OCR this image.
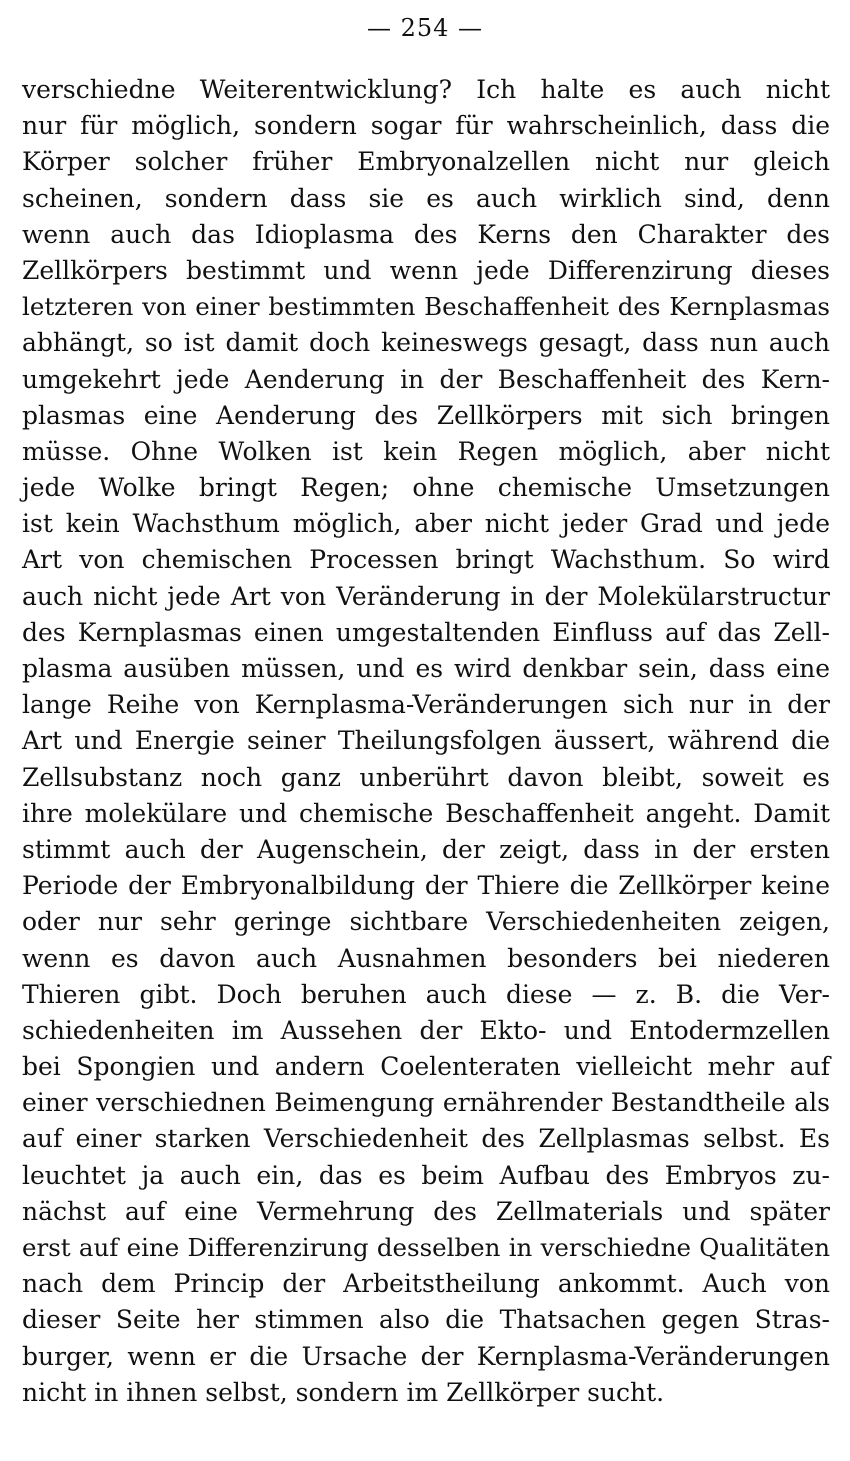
— 254 —
verschiedne Weiterentwicklung? Ich halte es auch nicht
nur für möglich, sondern sogar für wahrscheinlich, dass die
Körper solcher früher Embryonalzellen nicht nur gleich
scheinen, sondern dass sie es auch wirklich sind, denn
wenn auch das Idioplasma des Kerns den Charakter des
Zellkörpers bestimmt und wenn jede Differenzirung dieses
letzteren von einer bestimmten Beschaffenheit des Kernplasmas
abhängt, so ist damit doch keineswegs gesagt, dass nun auch
umgekehrt jede Aenderung in der Beschaffenheit des Kern-
plasmas eine Aenderung des Zellkörpers mit sich bringen
müsse. Ohne Wolken ist kein Regen möglich, aber nicht
jede Wolke bringt Regen; ohne chemische Umsetzungen
ist kein Wachsthum möglich, aber nicht jeder Grad und jede
Art von chemischen Processen bringt Wachsthum. So wird
auch nicht jede Art von Veränderung in der Molekülarstructur
des Kernplasmas einen umgestaltenden Einfluss auf das Zell-
plasma ausüben müssen, und es wird denkbar sein, dass eine
lange Reihe von Kernplasma-Veränderungen sich nur in der
Art und Energie seiner Theilungsfolgen äussert, während die
Zellsubstanz noch ganz unberührt davon bleibt, soweit es
ihre molekülare und chemische Beschaffenheit angeht. Damit
stimmt auch der Augenschein, der zeigt, dass in der ersten
Periode der Embryonalbildung der Thiere die Zellkörper keine
oder nur sehr geringe sichtbare Verschiedenheiten zeigen,
wenn es davon auch Ausnahmen besonders bei niederen
Thieren gibt. Doch beruhen auch diese — z. B. die Ver-
schiedenheiten im Aussehen der Ekto- und Entodermzellen
bei Spongien und andern Coelenteraten vielleicht mehr auf
einer verschiednen Beimengung ernährender Bestandtheile als
auf einer starken Verschiedenheit des Zellplasmas selbst. Es
leuchtet ja auch ein, das es beim Aufbau des Embryos zu-
nächst auf eine Vermehrung des Zellmaterials und später
erst auf eine Differenzirung desselben in verschiedne Qualitäten
nach dem Princip der Arbeitstheilung ankommt. Auch von
dieser Seite her stimmen also die Thatsachen gegen Stras-
burger, wenn er die Ursache der Kernplasma-Veränderungen
nicht in ihnen selbst, sondern im Zellkörper sucht.
